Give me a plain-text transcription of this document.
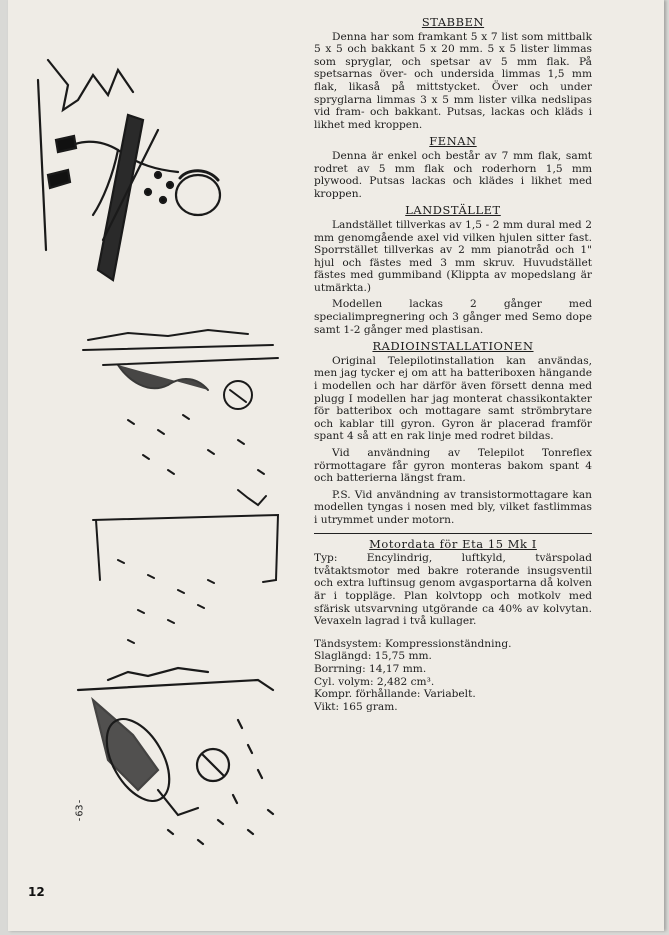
-63-
12
STABBEN

Denna har som framkant 5 x 7 list som mittbalk 5 x 5 och bakkant 5 x 20 mm. 5 x 5 lister limmas som spryglar, och spetsar av 5 mm flak. På spetsarnas över- och undersida limmas 1,5 mm flak, likaså på mittstycket. Över och under spryglarna limmas 3 x 5 mm lister vilka nedslipas vid fram- och bakkant. Putsas, lackas och kläds i likhet med kroppen.

FENAN

Denna är enkel och består av 7 mm flak, samt rodret av 5 mm flak och roderhorn 1,5 mm plywood. Putsas lackas och klädes i likhet med kroppen.

LANDSTÄLLET

Landstället tillverkas av 1,5 - 2 mm dural med 2 mm genomgående axel vid vilken hjulen sitter fast. Sporrstället tillverkas av 2 mm pianotråd och 1" hjul och fästes med 3 mm skruv. Huvudstället fästes med gummiband (Klippta av mopedslang är utmärkta.)

Modellen lackas 2 gånger med specialimpregnering och 3 gånger med Semo dope samt 1-2 gånger med plastisan.

RADIOINSTALLATIONEN

Original Telepilotinstallation kan användas, men jag tycker ej om att ha batteriboxen hängande i modellen och har därför även försett denna med plugg I modellen har jag monterat chassikontakter för batteribox och mottagare samt strömbrytare och kablar till gyron. Gyron är placerad framför spant 4 så att en rak linje med rodret bildas.

Vid användning av Telepilot Tonreflex rörmottagare får gyron monteras bakom spant 4 och batterierna längst fram.

P.S. Vid användning av transistormottagare kan modellen tyngas i nosen med bly, vilket fastlimmas i utrymmet under motorn.

Motordata för Eta 15 Mk I

Typ: Encylindrig, luftkyld, tvärspolad tvåtaktsmotor med bakre roterande insugsventil och extra luftinsug genom avgasportarna då kolven är i toppläge. Plan kolvtopp och motkolv med sfärisk utsvarvning utgörande ca 40% av kolvytan. Vevaxeln lagrad i två kullager.

Tändsystem: Kompressionständning.

Slaglängd: 15,75 mm.

Borrning: 14,17 mm.

Cyl. volym: 2,482 cm³.

Kompr. förhållande: Variabelt.

Vikt: 165 gram.
